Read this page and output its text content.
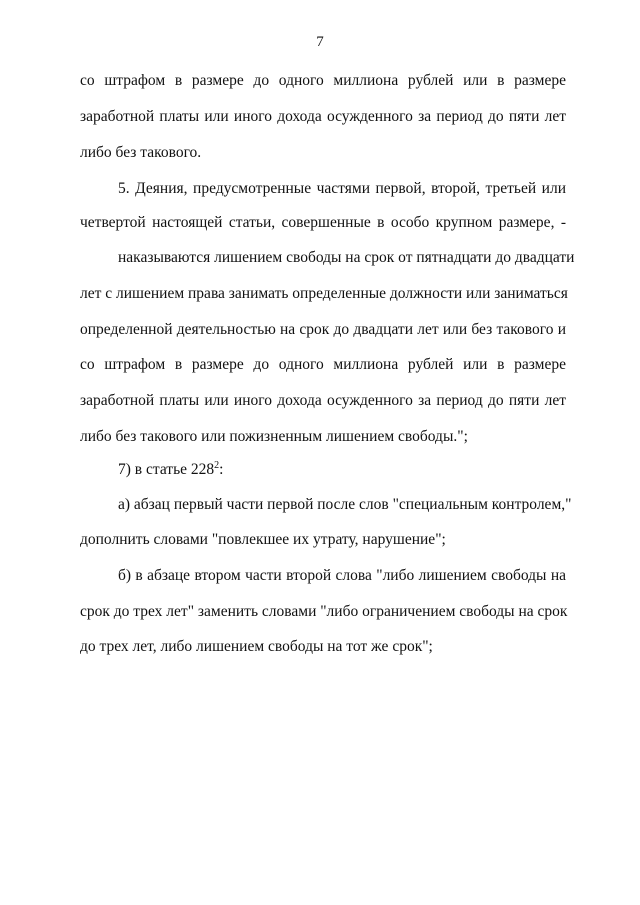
7
со штрафом в размере до одного миллиона рублей или в размере
заработной платы или иного дохода осужденного за период до пяти лет
либо без такового.
5. Деяния, предусмотренные частями первой, второй, третьей или
четвертой настоящей статьи, совершенные в особо крупном размере, -
наказываются лишением свободы на срок от пятнадцати до двадцати
лет с лишением права занимать определенные должности или заниматься
определенной деятельностью на срок до двадцати лет или без такового и
со штрафом в размере до одного миллиона рублей или в размере
заработной платы или иного дохода осужденного за период до пяти лет
либо без такового или пожизненным лишением свободы.";
7) в статье $228^2$:
а) абзац первый части первой после слов "специальным контролем,"
дополнить словами "повлекшее их утрату, нарушение";
б) в абзаце втором части второй слова "либо лишением свободы на
срок до трех лет" заменить словами "либо ограничением свободы на срок
до трех лет, либо лишением свободы на тот же срок";
